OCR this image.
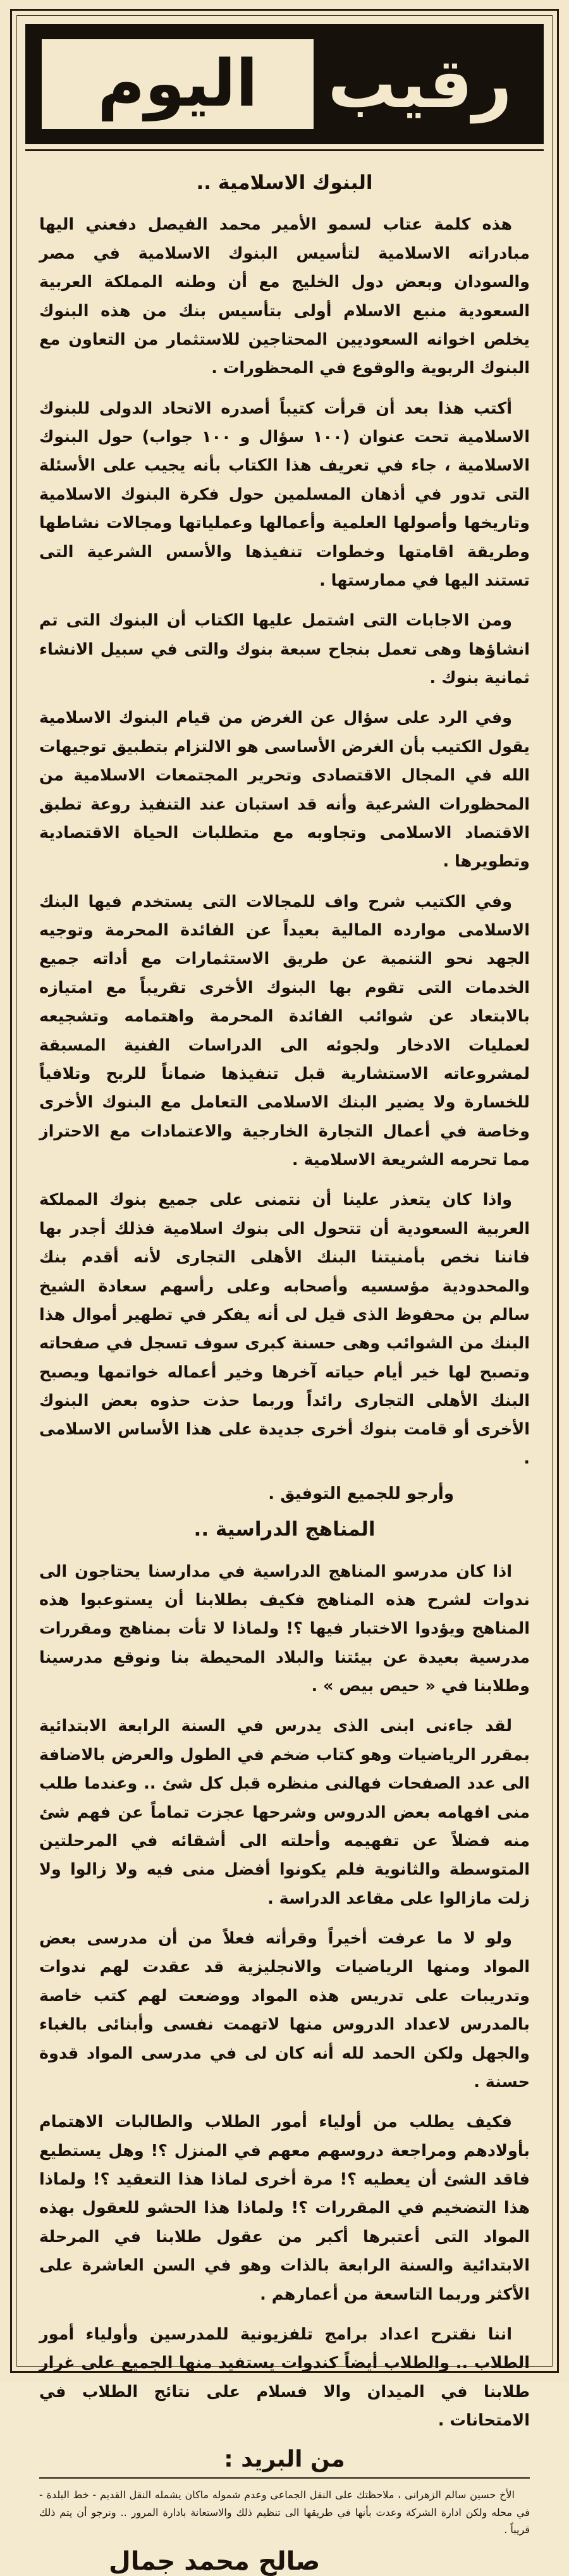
رقيب
اليوم
البنوك الاسلامية ..

هذه كلمة عتاب لسمو الأمير محمد الفيصل دفعني اليها مبادراته الاسلامية لتأسيس البنوك الاسلامية في مصر والسودان وبعض دول الخليج مع أن وطنه المملكة العربية السعودية منبع الاسلام أولى بتأسيس بنك من هذه البنوك يخلص اخوانه السعوديين المحتاجين للاستثمار من التعاون مع البنوك الربوية والوقوع في المحظورات .

أكتب هذا بعد أن قرأت كتيباً أصدره الاتحاد الدولى للبنوك الاسلامية تحت عنوان (١٠٠ سؤال و ١٠٠ جواب) حول البنوك الاسلامية ، جاء في تعريف هذا الكتاب بأنه يجيب على الأسئلة التى تدور في أذهان المسلمين حول فكرة البنوك الاسلامية وتاريخها وأصولها العلمية وأعمالها وعملياتها ومجالات نشاطها وطريقة اقامتها وخطوات تنفيذها والأسس الشرعية التى تستند اليها في ممارستها .

ومن الاجابات التى اشتمل عليها الكتاب أن البنوك التى تم انشاؤها وهى تعمل بنجاح سبعة بنوك والتى في سبيل الانشاء ثمانية بنوك .

وفي الرد على سؤال عن الغرض من قيام البنوك الاسلامية يقول الكتيب بأن الغرض الأساسى هو الالتزام بتطبيق توجيهات الله في المجال الاقتصادى وتحرير المجتمعات الاسلامية من المحظورات الشرعية وأنه قد استبان عند التنفيذ روعة تطبق الاقتصاد الاسلامى وتجاوبه مع متطلبات الحياة الاقتصادية وتطويرها .

وفي الكتيب شرح واف للمجالات التى يستخدم فيها البنك الاسلامى موارده المالية بعيداً عن الفائدة المحرمة وتوجيه الجهد نحو التنمية عن طريق الاستثمارات مع أداته جميع الخدمات التى تقوم بها البنوك الأخرى تقريباً مع امتيازه بالابتعاد عن شوائب الفائدة المحرمة واهتمامه وتشجيعه لعمليات الادخار ولجوئه الى الدراسات الفنية المسبقة لمشروعاته الاستشارية قبل تنفيذها ضماناً للربح وتلافياً للخسارة ولا يضير البنك الاسلامى التعامل مع البنوك الأخرى وخاصة في أعمال التجارة الخارجية والاعتمادات مع الاحتراز مما تحرمه الشريعة الاسلامية .

واذا كان يتعذر علينا أن نتمنى على جميع بنوك المملكة العربية السعودية أن تتحول الى بنوك اسلامية فذلك أجدر بها فاننا نخص بأمنيتنا البنك الأهلى التجارى لأنه أقدم بنك والمحدودية مؤسسيه وأصحابه وعلى رأسهم سعادة الشيخ سالم بن محفوظ الذى قيل لى أنه يفكر في تطهير أموال هذا البنك من الشوائب وهى حسنة كبرى سوف تسجل في صفحاته وتصبح لها خير أيام حياته آخرها وخير أعماله خواتمها ويصبح البنك الأهلى التجارى رائداً وربما حذت حذوه بعض البنوك الأخرى أو قامت بنوك أخرى جديدة على هذا الأساس الاسلامى .

وأرجو للجميع التوفيق .
المناهج الدراسية ..

اذا كان مدرسو المناهج الدراسية في مدارسنا يحتاجون الى ندوات لشرح هذه المناهج فكيف بطلابنا أن يستوعبوا هذه المناهج ويؤدوا الاختبار فيها ؟! ولماذا لا تأت بمناهج ومقررات مدرسية بعيدة عن بيئتنا والبلاد المحيطة بنا ونوقع مدرسينا وطلابنا في « حيص بيص » .

لقد جاءنى ابنى الذى يدرس في السنة الرابعة الابتدائية بمقرر الرياضيات وهو كتاب ضخم في الطول والعرض بالاضافة الى عدد الصفحات فهالنى منظره قبل كل شئ .. وعندما طلب منى افهامه بعض الدروس وشرحها عجزت تماماً عن فهم شئ منه فضلاً عن تفهيمه وأحلته الى أشقائه في المرحلتين المتوسطة والثانوية فلم يكونوا أفضل منى فيه ولا زالوا ولا زلت مازالوا على مقاعد الدراسة .

ولو لا ما عرفت أخيراً وقرأته فعلاً من أن مدرسى بعض المواد ومنها الرياضيات والانجليزية قد عقدت لهم ندوات وتدريبات على تدريس هذه المواد ووضعت لهم كتب خاصة بالمدرس لاعداد الدروس منها لاتهمت نفسى وأبنائى بالغباء والجهل ولكن الحمد لله أنه كان لى في مدرسى المواد قدوة حسنة .

فكيف يطلب من أولياء أمور الطلاب والطالبات الاهتمام بأولادهم ومراجعة دروسهم معهم في المنزل ؟! وهل يستطيع فاقد الشئ أن يعطيه ؟! مرة أخرى لماذا هذا التعقيد ؟! ولماذا هذا التضخيم في المقررات ؟! ولماذا هذا الحشو للعقول بهذه المواد التى أعتبرها أكبر من عقول طلابنا في المرحلة الابتدائية والسنة الرابعة بالذات وهو في السن العاشرة على الأكثر وربما التاسعة من أعمارهم .

اننا نقترح اعداد برامج تلفزيونية للمدرسين وأولياء أمور الطلاب .. والطلاب أيضاً كندوات يستفيد منها الجميع على غرار طلابنا في الميدان والا فسلام على نتائج الطلاب في الامتحانات .

من البريد :

الأخ حسين سالم الزهرانى ، ملاحظتك على النقل الجماعى وعدم شموله ماكان يشمله النقل القديم - خط البلدة - في محله ولكن ادارة الشركة وعدت بأنها في طريقها الى تنظيم ذلك والاستعانة بادارة المرور .. ونرجو أن يتم ذلك قريباً .

صالح محمد جمال
